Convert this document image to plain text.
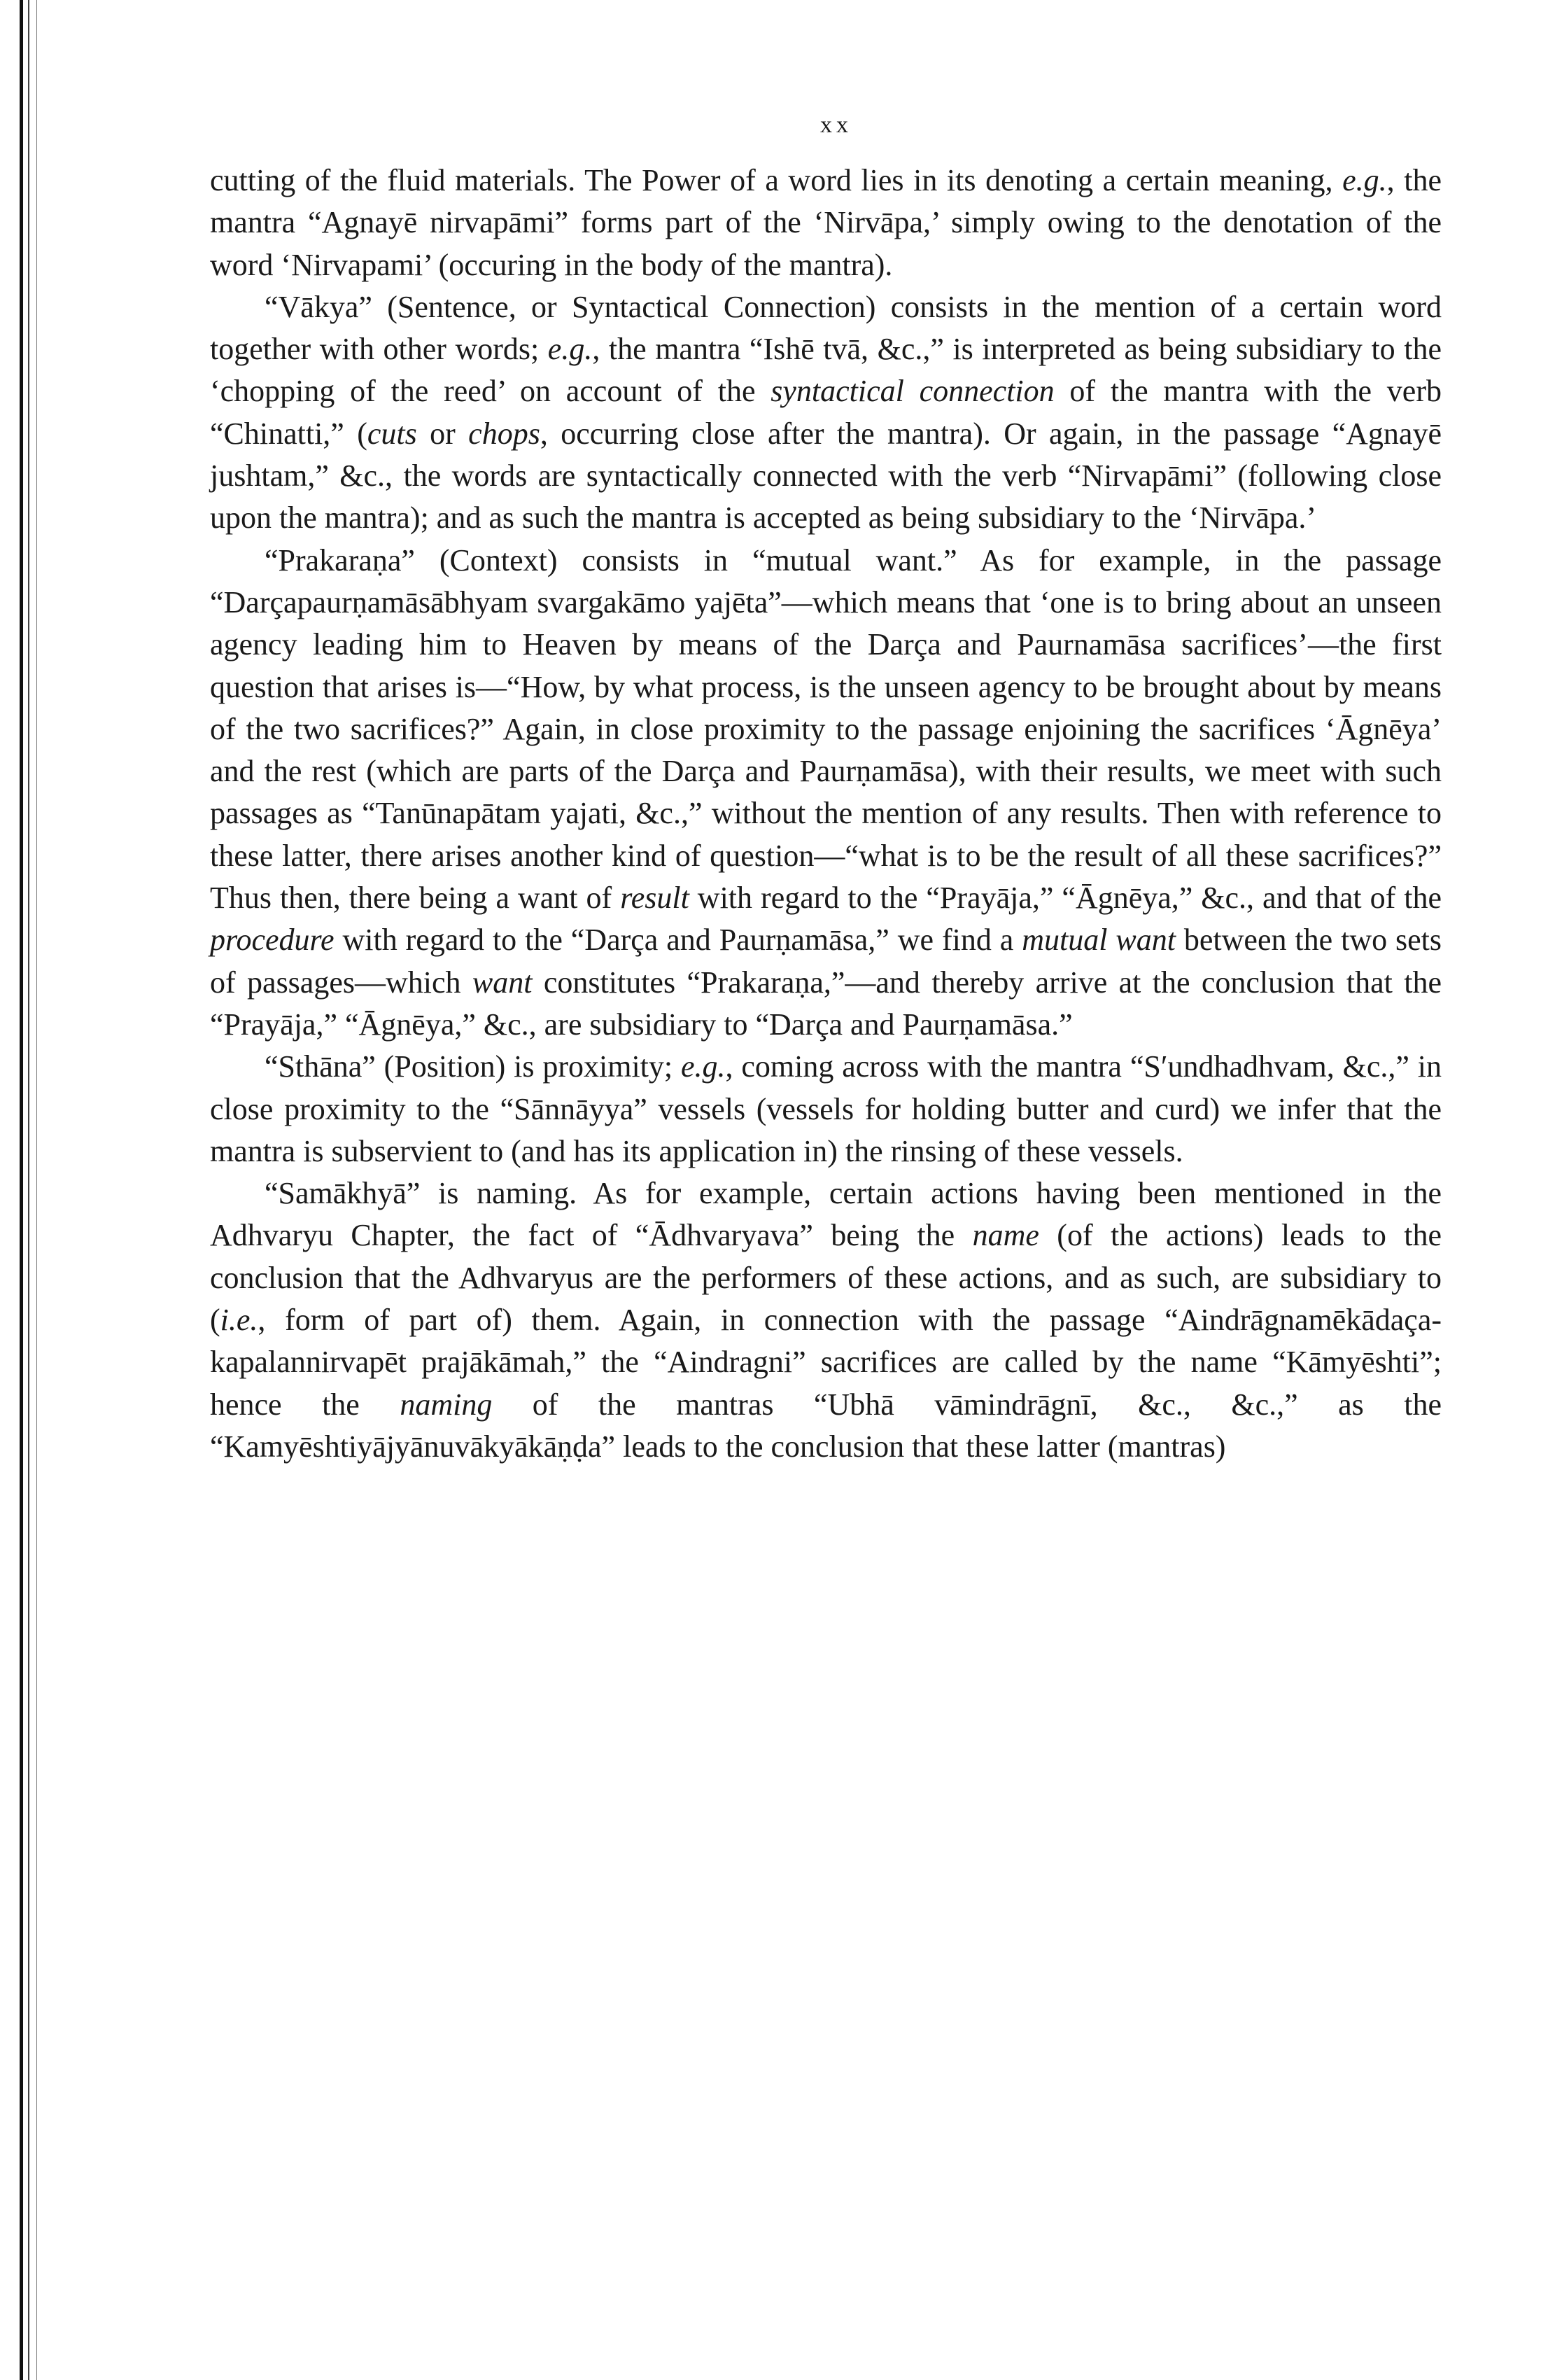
xx

cutting of the fluid materials. The Power of a word lies in its denoting a certain meaning, e.g., the mantra “Agnayē nirvapāmi” forms part of the ‘Nirvāpa,’ simply owing to the denotation of the word ‘Nirvapami’ (occuring in the body of the mantra).

“Vākya” (Sentence, or Syntactical Connection) consists in the mention of a certain word together with other words; e.g., the mantra “Ishē tvā, &c.,” is interpreted as being subsidiary to the ‘chopping of the reed’ on account of the syntactical connection of the mantra with the verb “Chinatti,” (cuts or chops, occurring close after the mantra). Or again, in the passage “Agnayē jushtam,” &c., the words are syntactically connected with the verb “Nirvapāmi” (following close upon the mantra); and as such the mantra is accepted as being subsidiary to the ‘Nirvāpa.’

“Prakaraṇa” (Context) consists in “mutual want.” As for example, in the passage “Darçapaurṇamāsābhyam svargakāmo yajēta”—which means that ‘one is to bring about an unseen agency leading him to Heaven by means of the Darça and Paurnamāsa sacrifices’—the first question that arises is—“How, by what process, is the unseen agency to be brought about by means of the two sacrifices?” Again, in close proximity to the passage enjoining the sacrifices ‘Āgnēya’ and the rest (which are parts of the Darça and Paurṇamāsa), with their results, we meet with such passages as “Tanūnapātam yajati, &c.,” without the mention of any results. Then with reference to these latter, there arises another kind of question—“what is to be the result of all these sacrifices?” Thus then, there being a want of result with regard to the “Prayāja,” “Āgnēya,” &c., and that of the procedure with regard to the “Darça and Paurṇamāsa,” we find a mutual want between the two sets of passages—which want constitutes “Prakaraṇa,”—and thereby arrive at the conclusion that the “Prayāja,” “Āgnēya,” &c., are subsidiary to “Darça and Paurṇamāsa.”

“Sthāna” (Position) is proximity; e.g., coming across with the mantra “Sʹundhadhvam, &c.,” in close proximity to the “Sānnāyya” vessels (vessels for holding butter and curd) we infer that the mantra is subservient to (and has its application in) the rinsing of these vessels.

“Samākhyā” is naming. As for example, certain actions having been mentioned in the Adhvaryu Chapter, the fact of “Ādhvaryava” being the name (of the actions) leads to the conclusion that the Adhvaryus are the performers of these actions, and as such, are subsidiary to (i.e., form of part of) them. Again, in connection with the passage “Aindrāgnamēkādaça-kapalannirvapēt prajākāmah,” the “Aindragni” sacrifices are called by the name “Kāmyēshti”; hence the naming of the mantras “Ubhā vāmindrāgnī, &c., &c.,” as the “Kamyēshtiyājyānuvākyākāṇḍa” leads to the conclusion that these latter (mantras)
